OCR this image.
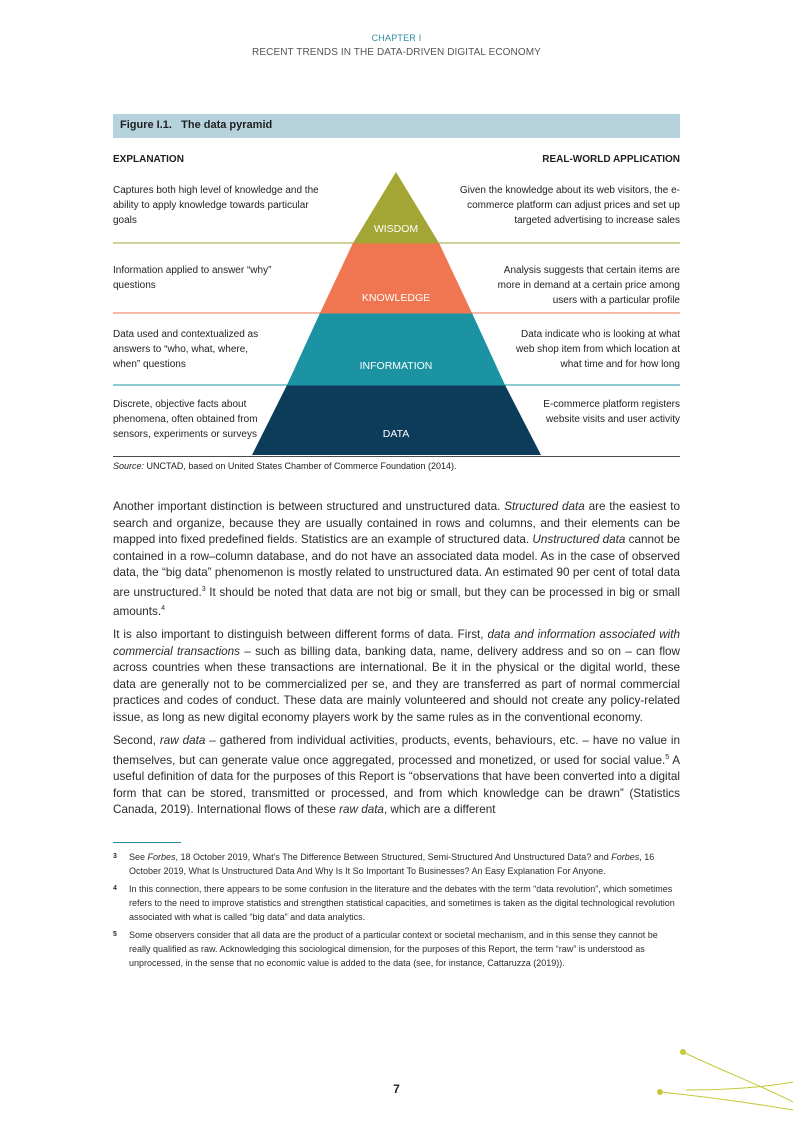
CHAPTER I
RECENT TRENDS IN THE DATA-DRIVEN DIGITAL ECONOMY
Figure I.1. The data pyramid
EXPLANATION	REAL-WORLD APPLICATION
WISDOM
KNOWLEDGE
INFORMATION
DATA
Captures both high level of knowledge and the ability to apply knowledge towards particular goals
Information applied to answer “why” questions
Data used and contextualized as answers to “who, what, where, when” questions
Discrete, objective facts about phenomena, often obtained from sensors, experiments or surveys
Given the knowledge about its web visitors, the e-commerce platform can adjust prices and set up targeted advertising to increase sales
Analysis suggests that certain items are more in demand at a certain price among users with a particular profile
Data indicate who is looking at what web shop item from which location at what time and for how long
E-commerce platform registers website visits and user activity
Source: UNCTAD, based on United States Chamber of Commerce Foundation (2014).

Another important distinction is between structured and unstructured data. Structured data are the easiest to search and organize, because they are usually contained in rows and columns, and their elements can be mapped into fixed predefined fields. Statistics are an example of structured data. Unstructured data cannot be contained in a row–column database, and do not have an associated data model. As in the case of observed data, the “big data” phenomenon is mostly related to unstructured data. An estimated 90 per cent of total data are unstructured.$^3$ It should be noted that data are not big or small, but they can be processed in big or small amounts.$^4$

It is also important to distinguish between different forms of data. First, data and information associated with commercial transactions – such as billing data, banking data, name, delivery address and so on – can flow across countries when these transactions are international. Be it in the physical or the digital world, these data are generally not to be commercialized per se, and they are transferred as part of normal commercial practices and codes of conduct. These data are mainly volunteered and should not create any policy-related issue, as long as new digital economy players work by the same rules as in the conventional economy.

Second, raw data – gathered from individual activities, products, events, behaviours, etc. – have no value in themselves, but can generate value once aggregated, processed and monetized, or used for social value.$^5$ A useful definition of data for the purposes of this Report is “observations that have been converted into a digital form that can be stored, transmitted or processed, and from which knowledge can be drawn” (Statistics Canada, 2019). International flows of these raw data, which are a different

3 See Forbes, 18 October 2019, What’s The Difference Between Structured, Semi-Structured And Unstructured Data? and Forbes, 16 October 2019, What Is Unstructured Data And Why Is It So Important To Businesses? An Easy Explanation For Anyone.
4 In this connection, there appears to be some confusion in the literature and the debates with the term “data revolution”, which sometimes refers to the need to improve statistics and strengthen statistical capacities, and sometimes is taken as the digital technological revolution associated with what is called “big data” and data analytics.
5 Some observers consider that all data are the product of a particular context or societal mechanism, and in this sense they cannot be really qualified as raw. Acknowledging this sociological dimension, for the purposes of this Report, the term “raw” is understood as unprocessed, in the sense that no economic value is added to the data (see, for instance, Cattaruzza (2019)).
7
